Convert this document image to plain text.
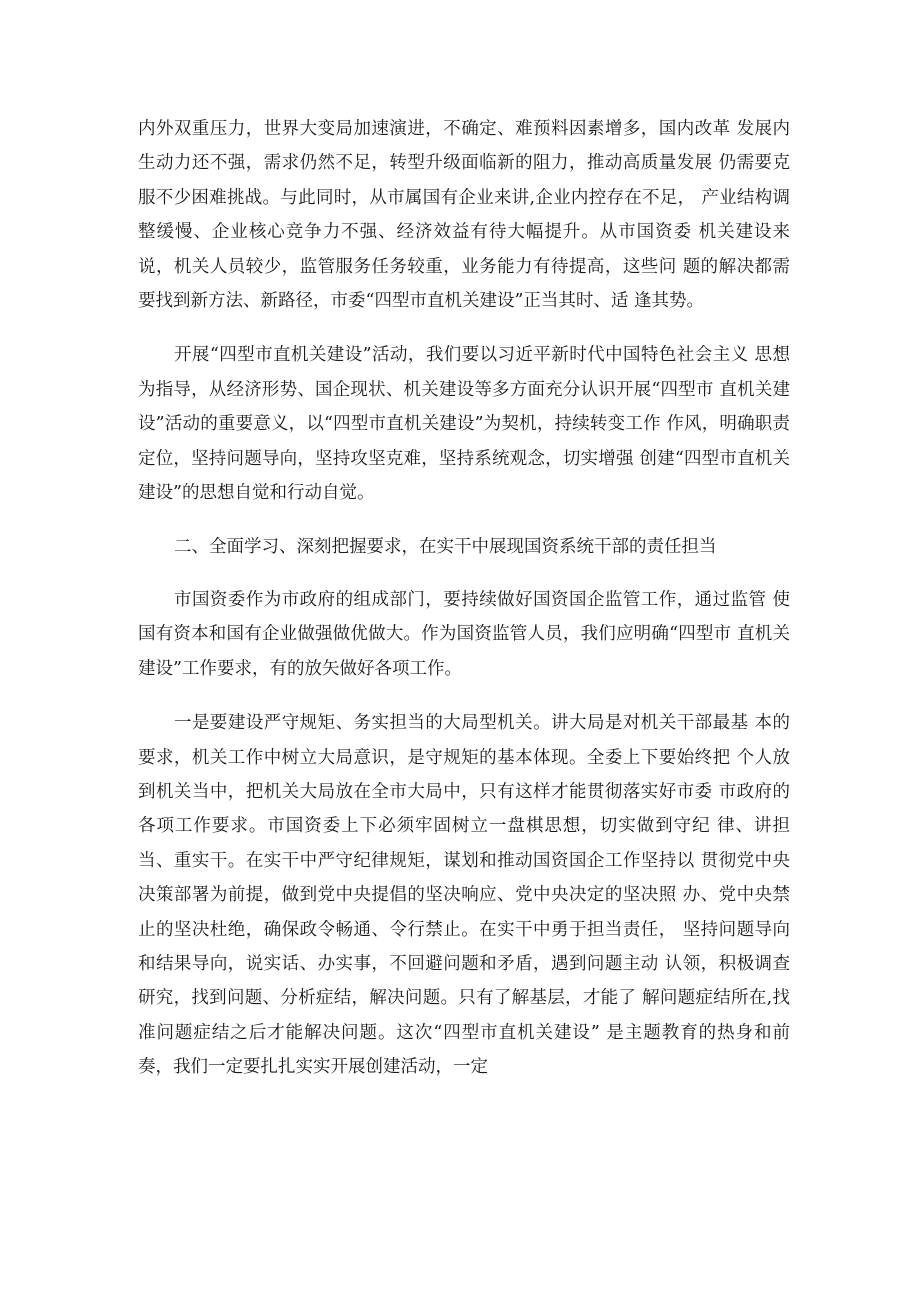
内外双重压力，世界大变局加速演进，不确定、难预料因素增多，国内改革 发展内生动力还不强，需求仍然不足，转型升级面临新的阻力，推动高质量发展 仍需要克服不少困难挑战。与此同时，从市属国有企业来讲,企业内控存在不足， 产业结构调整缓慢、企业核心竞争力不强、经济效益有待大幅提升。从市国资委 机关建设来说，机关人员较少，监管服务任务较重，业务能力有待提高，这些问 题的解决都需要找到新方法、新路径，市委“四型市直机关建设”正当其时、适 逢其势。

开展“四型市直机关建设”活动，我们要以习近平新时代中国特色社会主义 思想为指导，从经济形势、国企现状、机关建设等多方面充分认识开展“四型市 直机关建设”活动的重要意义，以“四型市直机关建设”为契机，持续转变工作 作风，明确职责定位，坚持问题导向，坚持攻坚克难，坚持系统观念，切实增强 创建“四型市直机关建设”的思想自觉和行动自觉。

二、全面学习、深刻把握要求，在实干中展现国资系统干部的责任担当

市国资委作为市政府的组成部门，要持续做好国资国企监管工作，通过监管 使国有资本和国有企业做强做优做大。作为国资监管人员，我们应明确“四型市 直机关建设”工作要求，有的放矢做好各项工作。

一是要建设严守规矩、务实担当的大局型机关。讲大局是对机关干部最基 本的要求，机关工作中树立大局意识，是守规矩的基本体现。全委上下要始终把 个人放到机关当中，把机关大局放在全市大局中，只有这样才能贯彻落实好市委 市政府的各项工作要求。市国资委上下必须牢固树立一盘棋思想，切实做到守纪 律、讲担当、重实干。在实干中严守纪律规矩，谋划和推动国资国企工作坚持以 贯彻党中央决策部署为前提，做到党中央提倡的坚决响应、党中央决定的坚决照 办、党中央禁止的坚决杜绝，确保政令畅通、令行禁止。在实干中勇于担当责任， 坚持问题导向和结果导向，说实话、办实事，不回避问题和矛盾，遇到问题主动 认领，积极调查研究，找到问题、分析症结，解决问题。只有了解基层，才能了 解问题症结所在,找准问题症结之后才能解决问题。这次“四型市直机关建设” 是主题教育的热身和前奏，我们一定要扎扎实实开展创建活动，一定
